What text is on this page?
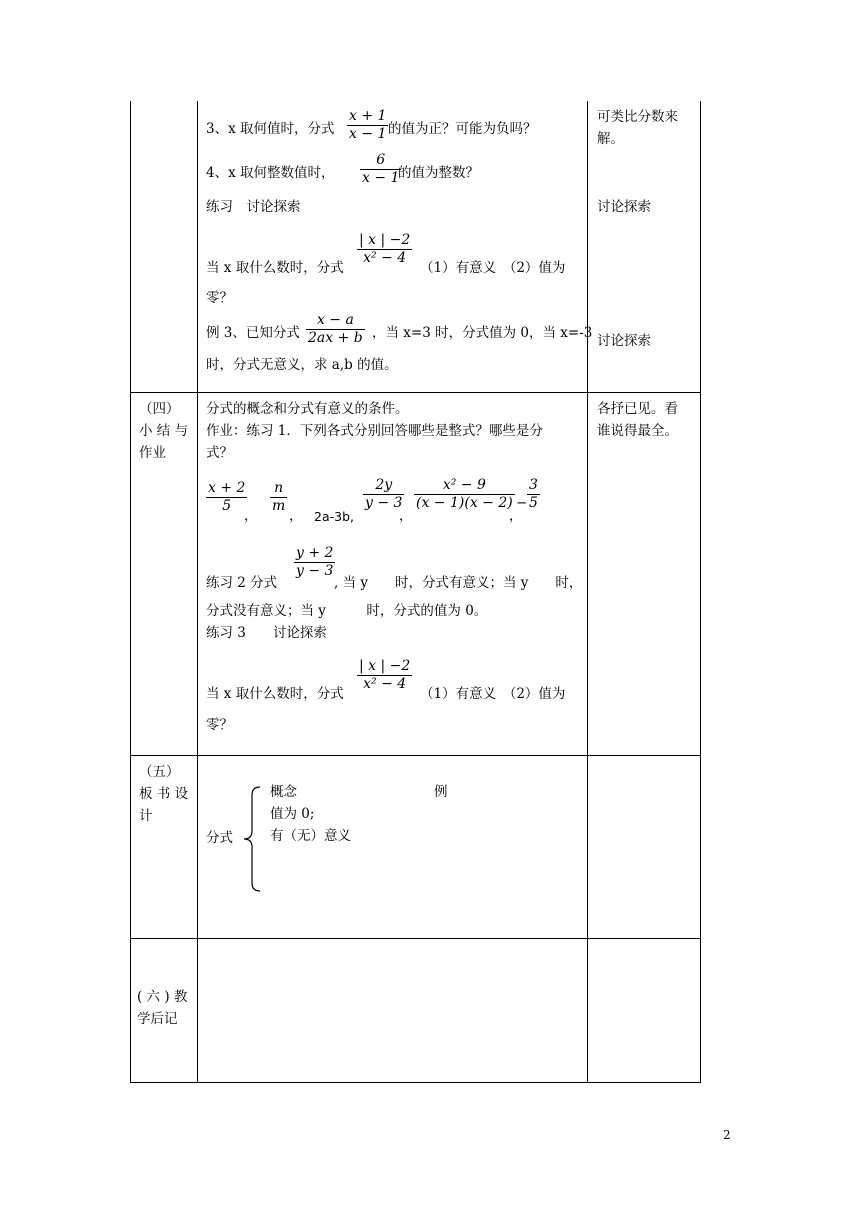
3、x 取何值时，分式
x + 1
x − 1 的值为正？可能为负吗？
4、x 取何整数值时，
6
x − 1
的值为整数？
练习　讨论探索
当 x 取什么数时，分式
| x | −2
x² − 4
（1）有意义　（2）值为
零？
例 3、已知分式
x − a
2ax + b ，当 x=3 时，分式值为 0，当 x=-3
时，分式无意义，求 a,b 的值。
可类比分数来
解。
讨论探索
讨论探索
（四）
小 结 与
作业
分式的概念和分式有意义的条件。
作业：练习 1．下列各式分别回答哪些是整式？哪些是分
式？
x + 2
5
，
n
m
， 2a-3b,
2y
y − 3
，
x² − 9
(x − 1)(x − 2)
，
−
3
5
练习 2 分式
y + 2
y − 3
, 当 y　　时，分式有意义；当 y　　时，
分式没有意义；当 y　　　时，分式的值为 0。
练习 3　　讨论探索
当 x 取什么数时，分式
| x | −2
x² − 4
（1）有意义　（2）值为
零？
各抒已见。看
谁说得最全。
（五）
板 书 设
计
分式
概念	例
值为 0;
有（无）意义
( 六 ) 教
学后记
2
